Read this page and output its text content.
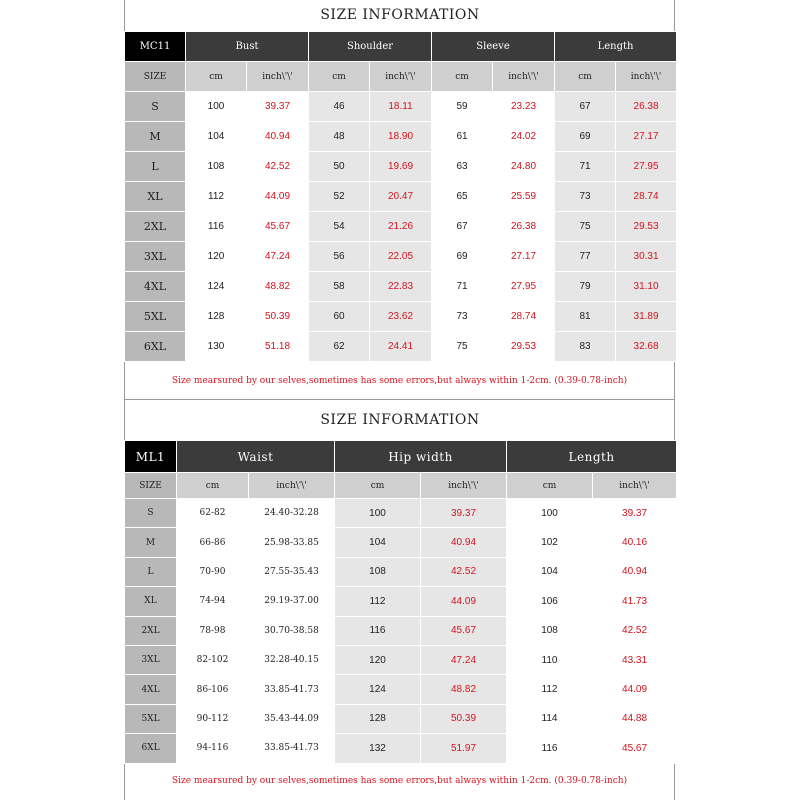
SIZE INFORMATION
MC11	Bust		Shoulder		Sleeve		Length	
SIZE	cm	inch\'\'	cm	inch\'\'	cm	inch\'\'	cm	inch\'\'
S	100	39.37	46	18.11	59	23.23	67	26.38
M	104	40.94	48	18.90	61	24.02	69	27.17
L	108	42.52	50	19.69	63	24.80	71	27.95
XL	112	44.09	52	20.47	65	25.59	73	28.74
2XL	116	45.67	54	21.26	67	26.38	75	29.53
3XL	120	47.24	56	22.05	69	27.17	77	30.31
4XL	124	48.82	58	22.83	71	27.95	79	31.10
5XL	128	50.39	60	23.62	73	28.74	81	31.89
6XL	130	51.18	62	24.41	75	29.53	83	32.68
Size mearsured by our selves,sometimes has some errors,but always within 1-2cm. (0.39-0.78-inch)
SIZE INFORMATION
ML1	Waist		Hip width		Length	
SIZE	cm	inch\'\'	cm	inch\'\'	cm	inch\'\'
S	62-82	24.40-32.28	100	39.37	100	39.37
M	66-86	25.98-33.85	104	40.94	102	40.16
L	70-90	27.55-35.43	108	42.52	104	40.94
XL	74-94	29.19-37.00	112	44.09	106	41.73
2XL	78-98	30.70-38.58	116	45.67	108	42.52
3XL	82-102	32.28-40.15	120	47.24	110	43.31
4XL	86-106	33.85-41.73	124	48.82	112	44.09
5XL	90-112	35.43-44.09	128	50.39	114	44.88
6XL	94-116	33.85-41.73	132	51.97	116	45.67
Size mearsured by our selves,sometimes has some errors,but always within 1-2cm. (0.39-0.78-inch)
